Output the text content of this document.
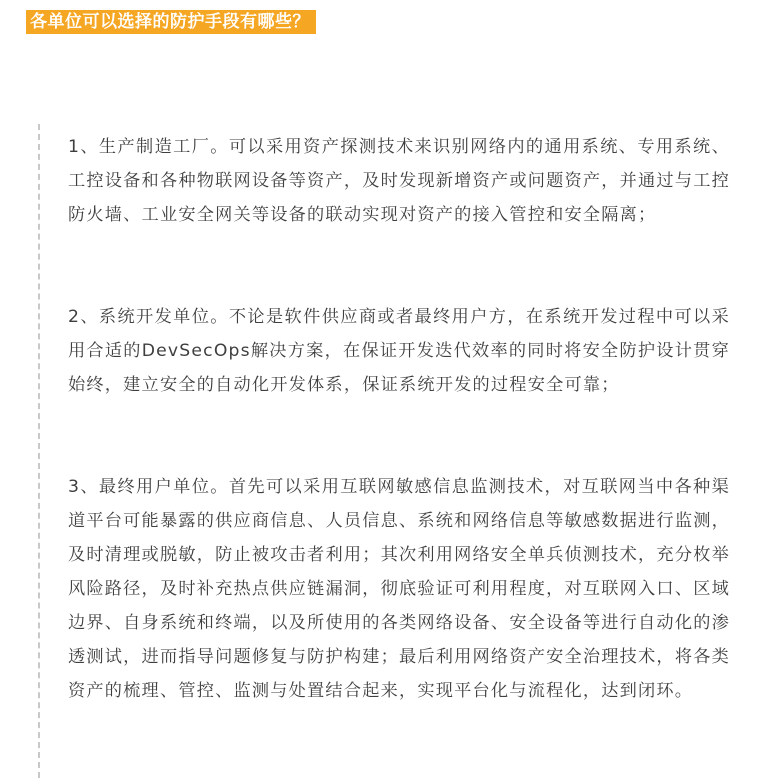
各单位可以选择的防护手段有哪些？

1、生产制造工厂。可以采用资产探测技术来识别网络内的通用系统、专用系统、工控设备和各种物联网设备等资产，及时发现新增资产或问题资产，并通过与工控防火墙、工业安全网关等设备的联动实现对资产的接入管控和安全隔离；

2、系统开发单位。不论是软件供应商或者最终用户方，在系统开发过程中可以采用合适的DevSecOps解决方案，在保证开发迭代效率的同时将安全防护设计贯穿始终，建立安全的自动化开发体系，保证系统开发的过程安全可靠；

3、最终用户单位。首先可以采用互联网敏感信息监测技术，对互联网当中各种渠道平台可能暴露的供应商信息、人员信息、系统和网络信息等敏感数据进行监测，及时清理或脱敏，防止被攻击者利用；其次利用网络安全单兵侦测技术，充分枚举风险路径，及时补充热点供应链漏洞，彻底验证可利用程度，对互联网入口、区域边界、自身系统和终端，以及所使用的各类网络设备、安全设备等进行自动化的渗透测试，进而指导问题修复与防护构建；最后利用网络资产安全治理技术，将各类资产的梳理、管控、监测与处置结合起来，实现平台化与流程化，达到闭环。
